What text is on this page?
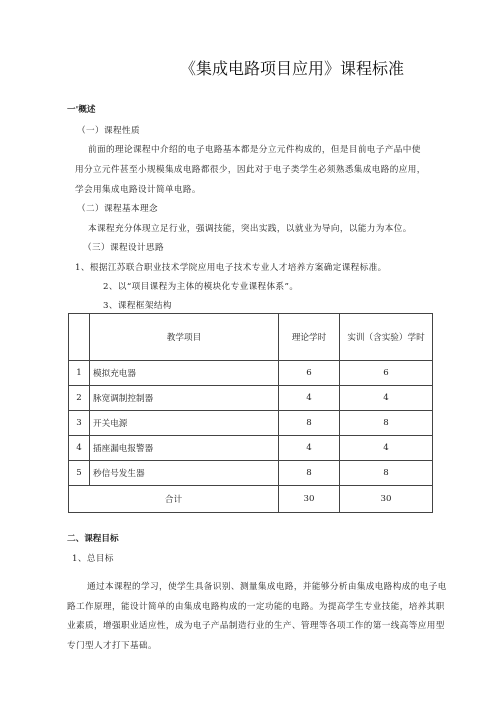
《集成电路项目应用》课程标准
一'概述
（一）课程性质
前面的理论课程中介绍的电子电路基本都是分立元件构成的，但是目前电子产品中使
用分立元件甚至小规模集成电路都很少，因此对于电子类学生必须熟悉集成电路的应用，
学会用集成电路设计简单电路。
（二）课程基本理念
本课程充分体现立足行业，强调技能，突出实践，以就业为导向，以能力为本位。
（三）课程设计思路
1、根据江苏联合职业技术学院应用电子技术专业人才培养方案确定课程标准。
2、以“项目课程为主体的模块化专业课程体系”。
3、课程框架结构
	教学项目	理论学时	实训（含实验）学时
1	模拟充电器	6	6
2	脉宽调制控制器	4	4
3	开关电源	8	8
4	插座漏电报警器	4	4
5	秒信号发生器	8	8
合计		30	30
二、课程目标
1、总目标
通过本课程的学习，使学生具备识别、测量集成电路，并能够分析由集成电路构成的电子电
路工作原理，能设计简单的由集成电路构成的一定功能的电路。为提高学生专业技能，培养其职
业素质，增强职业适应性，成为电子产品制造行业的生产、管理等各项工作的第一线高等应用型
专门型人才打下基础。
